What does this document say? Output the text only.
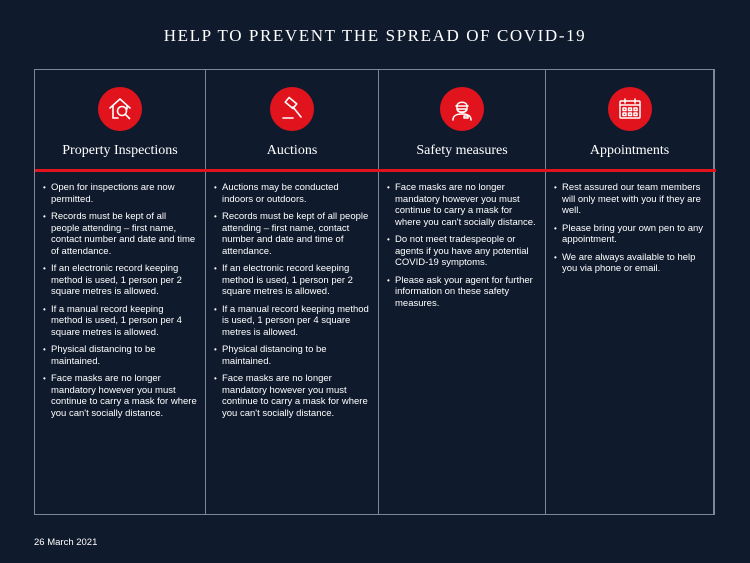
HELP TO PREVENT THE SPREAD OF COVID-19
Property Inspections
• Open for inspections are now permitted.
• Records must be kept of all people attending – first name, contact number and date and time of attendance.
• If an electronic record keeping method is used, 1 person per 2 square metres is allowed.
• If a manual record keeping method is used, 1 person per 4 square metres is allowed.
• Physical distancing to be maintained.
• Face masks are no longer mandatory however you must continue to carry a mask for where you can't socially distance.
Auctions
• Auctions may be conducted indoors or outdoors.
• Records must be kept of all people attending – first name, contact number and date and time of attendance.
• If an electronic record keeping method is used, 1 person per 2 square metres is allowed.
• If a manual record keeping method is used, 1 person per 4 square metres is allowed.
• Physical distancing to be maintained.
• Face masks are no longer mandatory however you must continue to carry a mask for where you can't socially distance.
Safety measures
• Face masks are no longer mandatory however you must continue to carry a mask for where you can't socially distance.
• Do not meet tradespeople or agents if you have any potential COVID-19 symptoms.
• Please ask your agent for further information on these safety measures.
Appointments
• Rest assured our team members will only meet with you if they are well.
• Please bring your own pen to any appointment.
• We are always available to help you via phone or email.
26 March 2021
